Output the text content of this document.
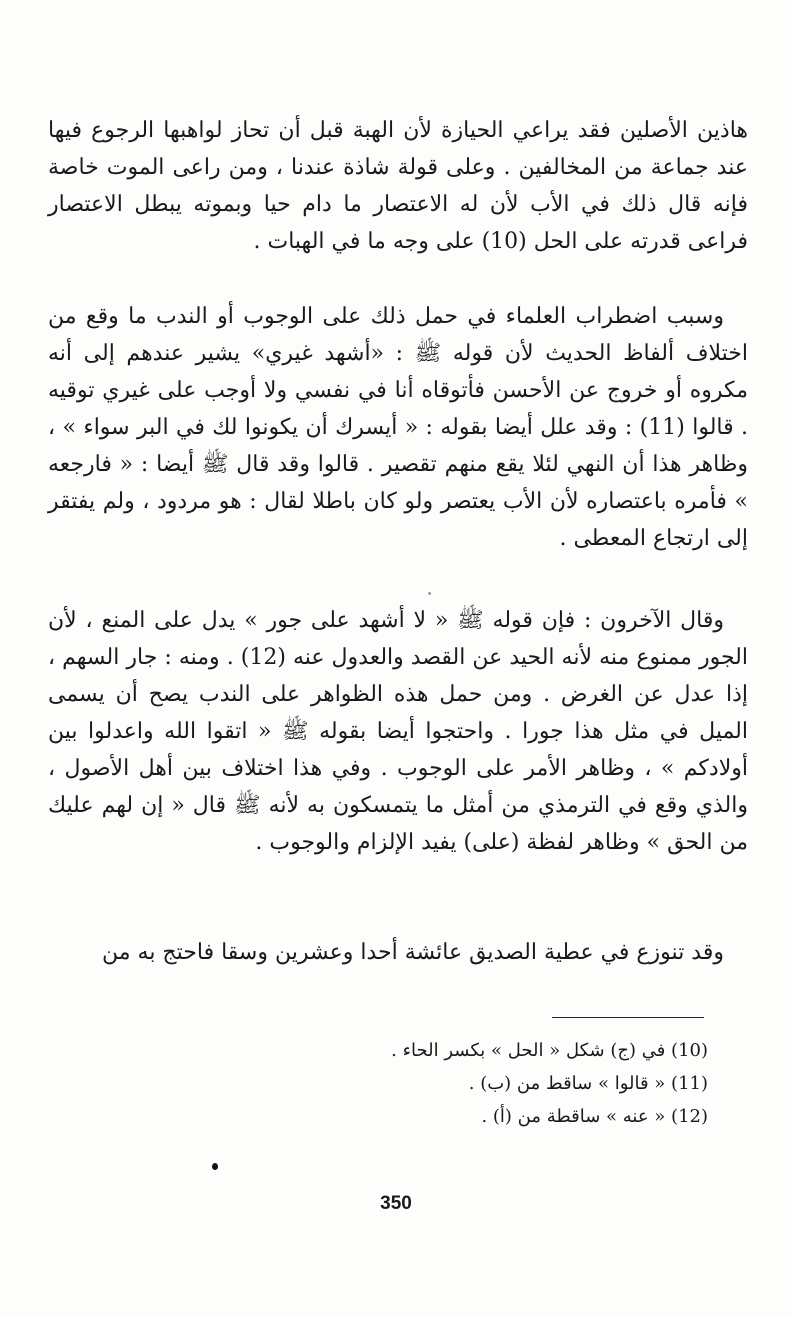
هاذين الأصلين فقد يراعي الحيازة لأن الهبة قبل أن تحاز لواهبها الرجوع فيها عند جماعة من المخالفين . وعلى قولة شاذة عندنا ، ومن راعى الموت خاصة فإنه قال ذلك في الأب لأن له الاعتصار ما دام حيا وبموته يبطل الاعتصار فراعى قدرته على الحل (10) على وجه ما في الهبات .
وسبب اضطراب العلماء في حمل ذلك على الوجوب أو الندب ما وقع من اختلاف ألفاظ الحديث لأن قوله ﷺ : «أشهد غيري» يشير عندهم إلى أنه مكروه أو خروج عن الأحسن فأتوقاه أنا في نفسي ولا أوجب على غيري توقيه . قالوا (11) : وقد علل أيضا بقوله : « أيسرك أن يكونوا لك في البر سواء » ، وظاهر هذا أن النهي لئلا يقع منهم تقصير . قالوا وقد قال ﷺ أيضا : « فارجعه » فأمره باعتصاره لأن الأب يعتصر ولو كان باطلا لقال : هو مردود ، ولم يفتقر إلى ارتجاع المعطى .
وقال الآخرون : فإن قوله ﷺ « لا أشهد على جور » يدل على المنع ، لأن الجور ممنوع منه لأنه الحيد عن القصد والعدول عنه (12) . ومنه : جار السهم ، إذا عدل عن الغرض . ومن حمل هذه الظواهر على الندب يصح أن يسمى الميل في مثل هذا جورا . واحتجوا أيضا بقوله ﷺ « اتقوا الله واعدلوا بين أولادكم » ، وظاهر الأمر على الوجوب . وفي هذا اختلاف بين أهل الأصول ، والذي وقع في الترمذي من أمثل ما يتمسكون به لأنه ﷺ قال « إن لهم عليك من الحق » وظاهر لفظة (على) يفيد الإلزام والوجوب .
وقد تنوزع في عطية الصديق عائشة أحدا وعشرين وسقا فاحتج به من
(10) في (ج) شكل « الحل » بكسر الحاء .
(11) « قالوا » ساقط من (ب) .
(12) « عنه » ساقطة من (أ) .
350
